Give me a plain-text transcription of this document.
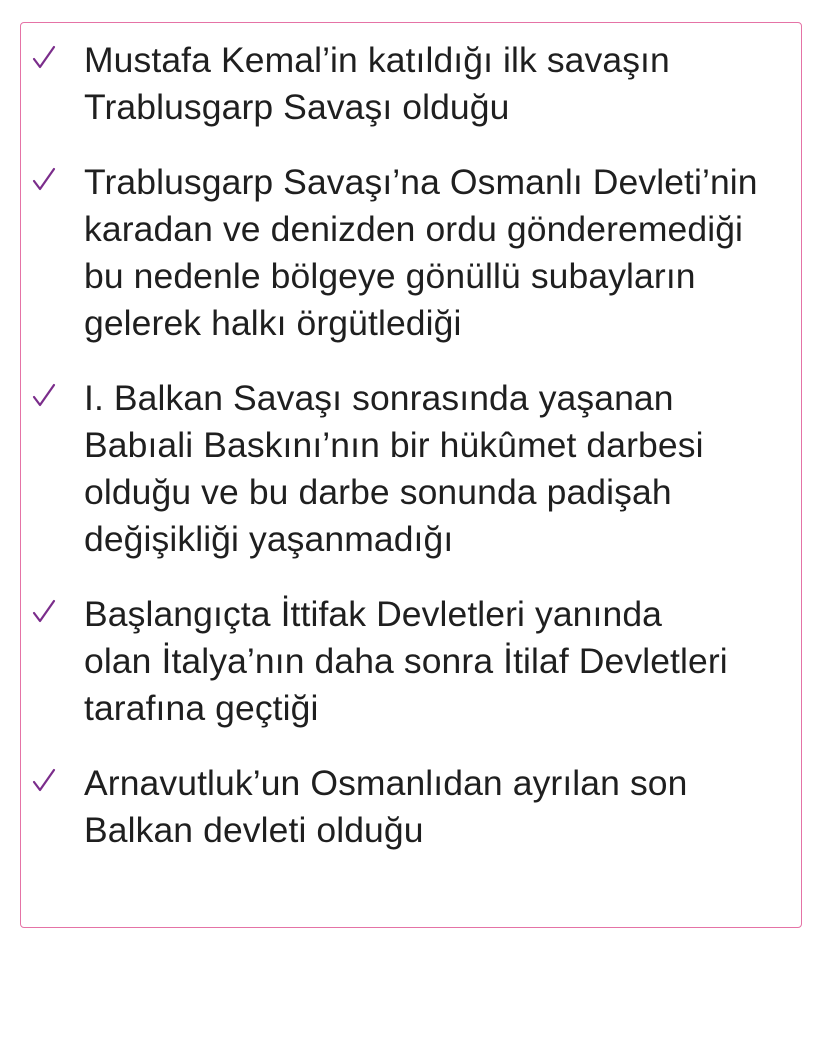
Mustafa Kemal’in katıldığı ilk savaşın
Trablusgarp Savaşı olduğu
Trablusgarp Savaşı’na Osmanlı Devleti’nin
karadan ve denizden ordu gönderemediği
bu nedenle bölgeye gönüllü subayların
gelerek halkı örgütlediği
I. Balkan Savaşı sonrasında yaşanan
Babıali Baskını’nın bir hükûmet darbesi
olduğu ve bu darbe sonunda padişah
değişikliği yaşanmadığı
Başlangıçta İttifak Devletleri yanında
olan İtalya’nın daha sonra İtilaf Devletleri
tarafına geçtiği
Arnavutluk’un Osmanlıdan ayrılan son
Balkan devleti olduğu
